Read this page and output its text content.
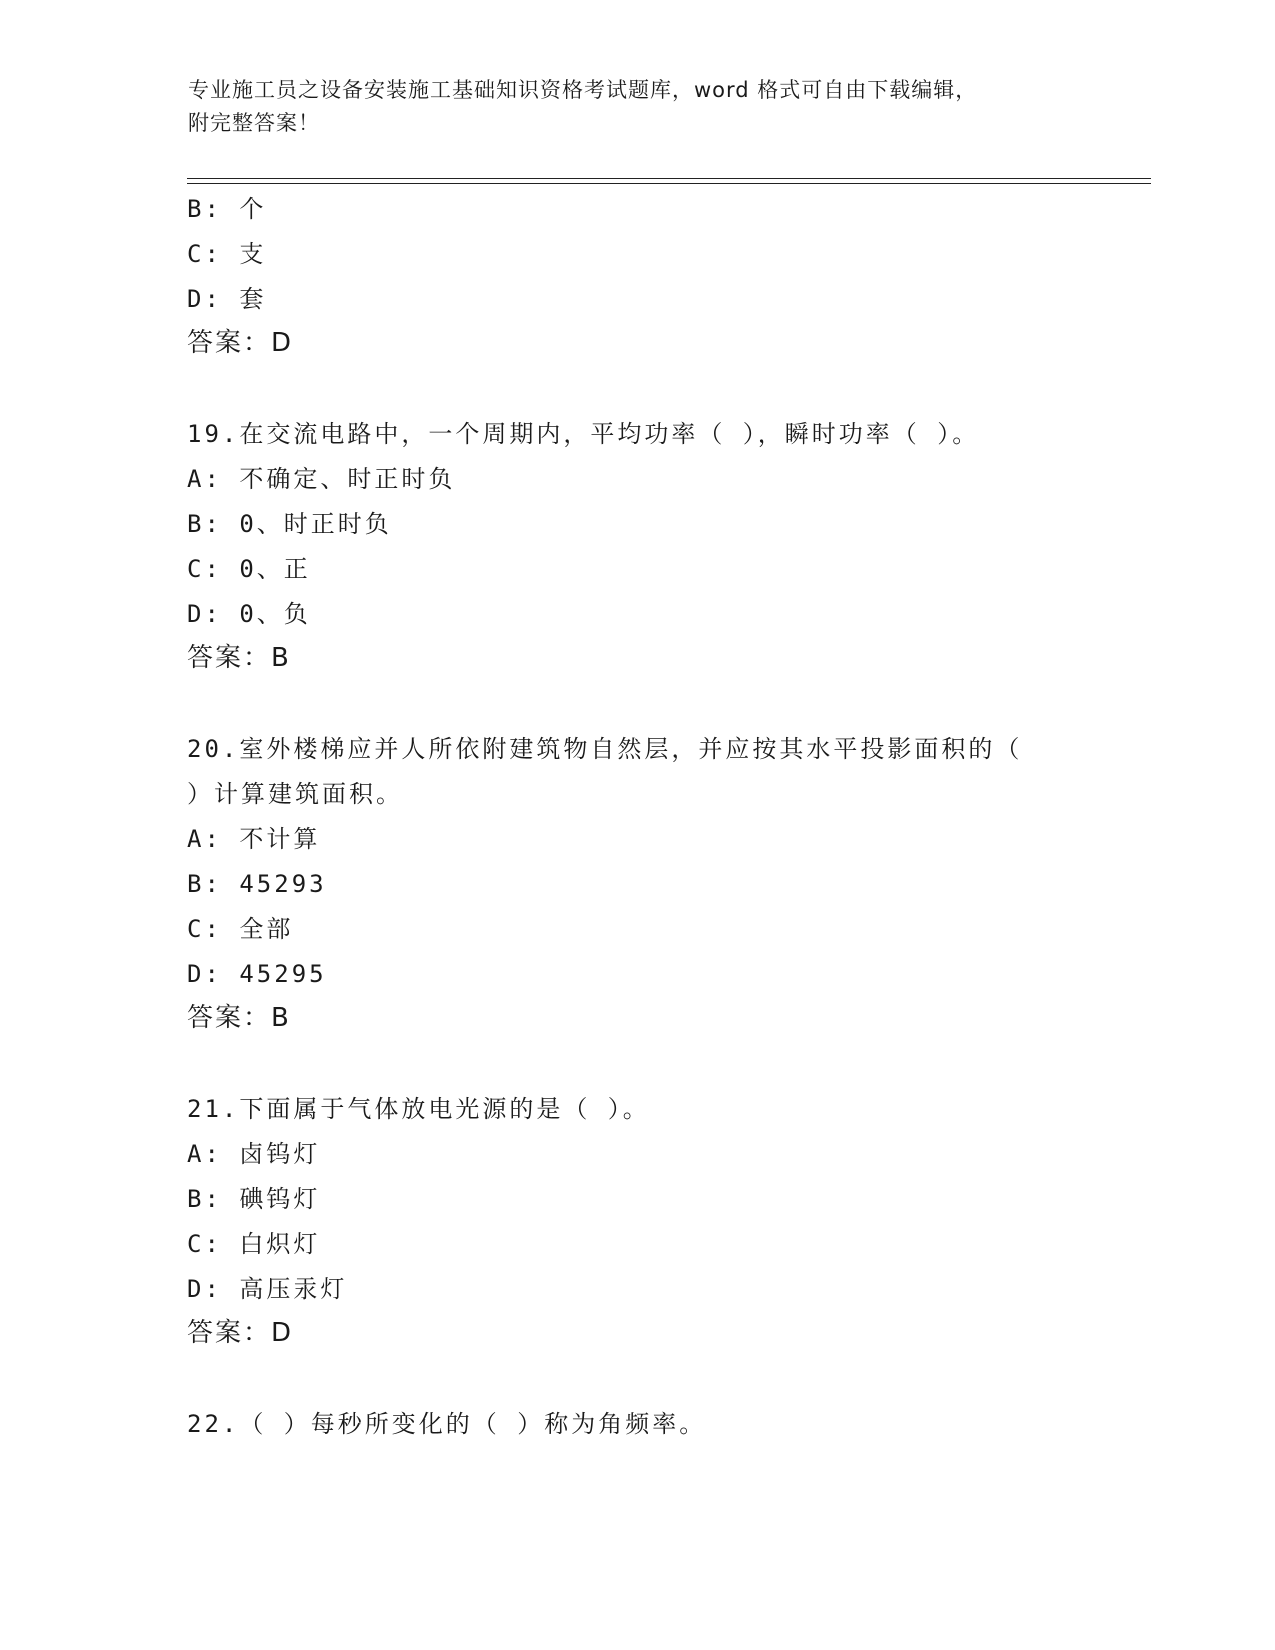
专业施工员之设备安装施工基础知识资格考试题库，word 格式可自由下载编辑，
附完整答案！
B: 个
C: 支
D: 套
答案：D
19.在交流电路中，一个周期内，平均功率（ ），瞬时功率（ ）。
A: 不确定、时正时负
B: 0、时正时负
C: 0、正
D: 0、负
答案：B
20.室外楼梯应并人所依附建筑物自然层，并应按其水平投影面积的（
）计算建筑面积。
A: 不计算
B: 45293
C: 全部
D: 45295
答案：B
21.下面属于气体放电光源的是（ ）。
A: 卤钨灯
B: 碘钨灯
C: 白炽灯
D: 高压汞灯
答案：D
22.（ ）每秒所变化的（ ）称为角频率。
